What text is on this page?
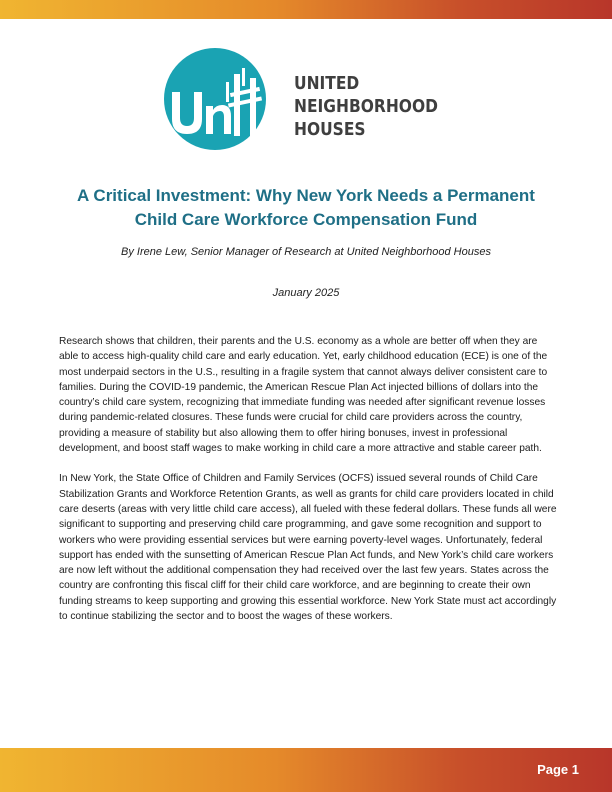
UNITED
NEIGHBORHOOD
HOUSES
A Critical Investment: Why New York Needs a Permanent
Child Care Workforce Compensation Fund
By Irene Lew, Senior Manager of Research at United Neighborhood Houses
January 2025

Research shows that children, their parents and the U.S. economy as a whole are better off when they are able to access high-quality child care and early education. Yet, early childhood education (ECE) is one of the most underpaid sectors in the U.S., resulting in a fragile system that cannot always deliver consistent care to families. During the COVID-19 pandemic, the American Rescue Plan Act injected billions of dollars into the country’s child care system, recognizing that immediate funding was needed after significant revenue losses during pandemic-related closures. These funds were crucial for child care providers across the country, providing a measure of stability but also allowing them to offer hiring bonuses, invest in professional development, and boost staff wages to make working in child care a more attractive and stable career path.

In New York, the State Office of Children and Family Services (OCFS) issued several rounds of Child Care Stabilization Grants and Workforce Retention Grants, as well as grants for child care providers located in child care deserts (areas with very little child care access), all fueled with these federal dollars. These funds all were significant to supporting and preserving child care programming, and gave some recognition and support to workers who were providing essential services but were earning poverty-level wages. Unfortunately, federal support has ended with the sunsetting of American Rescue Plan Act funds, and New York’s child care workers are now left without the additional compensation they had received over the last few years. States across the country are confronting this fiscal cliff for their child care workforce, and are beginning to create their own funding streams to keep supporting and growing this essential workforce. New York State must act accordingly to continue stabilizing the sector and to boost the wages of these workers.

Page 1
